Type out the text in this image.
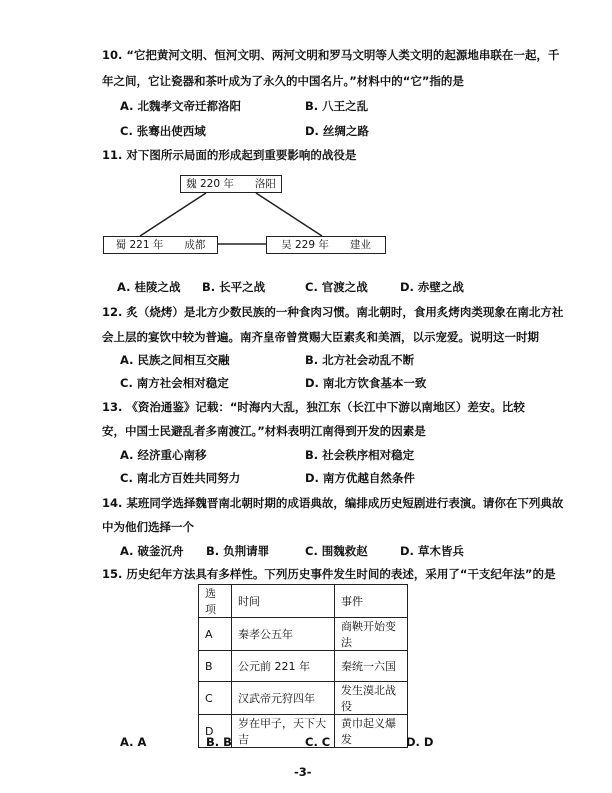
10. “它把黄河文明、恒河文明、两河文明和罗马文明等人类文明的起源地串联在一起，千
年之间，它让瓷器和茶叶成为了永久的中国名片。”材料中的“它”指的是
A. 北魏孝文帝迁都洛阳	B. 八王之乱
C. 张骞出使西域	D. 丝绸之路
11. 对下图所示局面的形成起到重要影响的战役是
魏 220 年　　洛阳
蜀 221 年　　成都	吴 229 年　　建业
A. 桂陵之战 B. 长平之战	C. 官渡之战	D. 赤壁之战
12. 炙（烧烤）是北方少数民族的一种食肉习惯。南北朝时，食用炙烤肉类现象在南北方社
会上层的宴饮中较为普遍。南齐皇帝曾赏赐大臣素炙和美酒，以示宠爱。说明这一时期
A. 民族之间相互交融	B. 北方社会动乱不断
C. 南方社会相对稳定	D. 南北方饮食基本一致
13. 《资治通鉴》记载：“时海内大乱，独江东（长江中下游以南地区）差安。比较
安，中国士民避乱者多南渡江。”材料表明江南得到开发的因素是
A. 经济重心南移	B. 社会秩序相对稳定
C. 南北方百姓共同努力	D. 南方优越自然条件
14. 某班同学选择魏晋南北朝时期的成语典故，编排成历史短剧进行表演。请你在下列典故
中为他们选择一个
A. 破釜沉舟 B. 负荆请罪	C. 围魏救赵	D. 草木皆兵
15. 历史纪年方法具有多样性。下列历史事件发生时间的表述，采用了“干支纪年法”的是
选项	时间	事件
A	秦孝公五年	商鞅开始变法
B	公元前 221 年	秦统一六国
C	汉武帝元狩四年	发生漠北战役
D	岁在甲子，天下大吉	黄巾起义爆发
A. A	B. B	C. C	D. D
-3-
